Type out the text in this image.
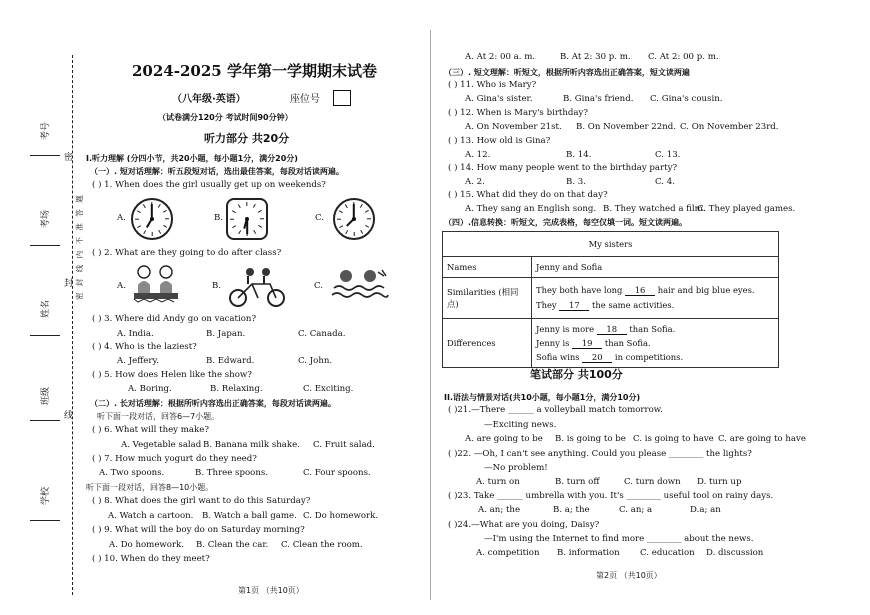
考号
考场
姓名
班级
学校
密
封
线
密 封 线 内 不 准 答 题
2024-2025 学年第一学期期末试卷
（八年级·英语）	座位号
（试卷满分120分 考试时间90分钟）
听力部分 共20分
I.听力理解 (分四小节，共20小题，每小题1分，满分20分)
（一）. 短对话理解：听五段短对话，选出最佳答案，每段对话读两遍。
( ) 1. When does the girl usually get up on weekends?
A.	B.	C.
( ) 2. What are they going to do after class?
A.	B.	C.
( ) 3. Where did Andy go on vacation?
A. India.	B. Japan.	C. Canada.
( ) 4. Who is the laziest?
A. Jeffery.	B. Edward.	C. John.
( ) 5. How does Helen like the show?
A. Boring.	B. Relaxing.	C. Exciting.
（二）. 长对话理解：根据所听内容选出正确答案，每段对话读两遍。
听下面一段对话，回答6—7小题。
( ) 6. What will they make?
A. Vegetable salad B. Banana milk shake. C. Fruit salad.
( ) 7. How much yogurt do they need?
A. Two spoons.	B. Three spoons.	C. Four spoons.
听下面一段对话，回答8—10小题。
( ) 8. What does the girl want to do this Saturday?
A. Watch a cartoon. B. Watch a ball game. C. Do homework.
( ) 9. What will the boy do on Saturday morning?
A. Do homework. B. Clean the car. C. Clean the room.
( ) 10. When do they meet?
第1页 （共10页）
A. At 2: 00 a. m.	B. At 2: 30 p. m. C. At 2: 00 p. m.
（三）. 短文理解：听短文，根据所听内容选出正确答案，短文读两遍
( ) 11. Who is Mary?
A. Gina's sister.	B. Gina's friend. C. Gina's cousin.
( ) 12. When is Mary's birthday?
A. On November 21st. B. On November 22nd. C. On November 23rd.
( ) 13. How old is Gina?
A. 12.	B. 14.	C. 13.
( ) 14. How many people went to the birthday party?
A. 2.	B. 3.	C. 4.
( ) 15. What did they do on that day?
A. They sang an English song. B. They watched a film.
C. They played games.
（四）.信息转换：听短文，完成表格，每空仅填一词。短文读两遍。
My sisters	
Names	Jenny and Sofia
Similarities (相同点)	They both have long 16 hair and big blue eyes.
They 17 the same activities.

Differences	Jenny is more 18 than Sofia.
Jenny is 19 than Sofia.
Sofia wins 20 in competitions.
笔试部分 共100分
II.语法与情景对话(共10小题，每小题1分，满分10分)
( )21.—There ______ a volleyball match tomorrow.
—Exciting news.
A. are going to be B. is going to be C. is going to have C. are going to have
( )22. —Oh, I can't see anything. Could you please ________ the lights?
—No problem!
A. turn on	B. turn off	C. turn down D. turn up
( )23. Take ______ umbrella with you. It's ________ useful tool on rainy days.
A. an; the	B. a; the	C. an; a	D.a; an
( )24.—What are you doing, Daisy?
—I'm using the Internet to find more ________ about the news.
A. competition B. information C. education D. discussion
第2页 （共10页）
